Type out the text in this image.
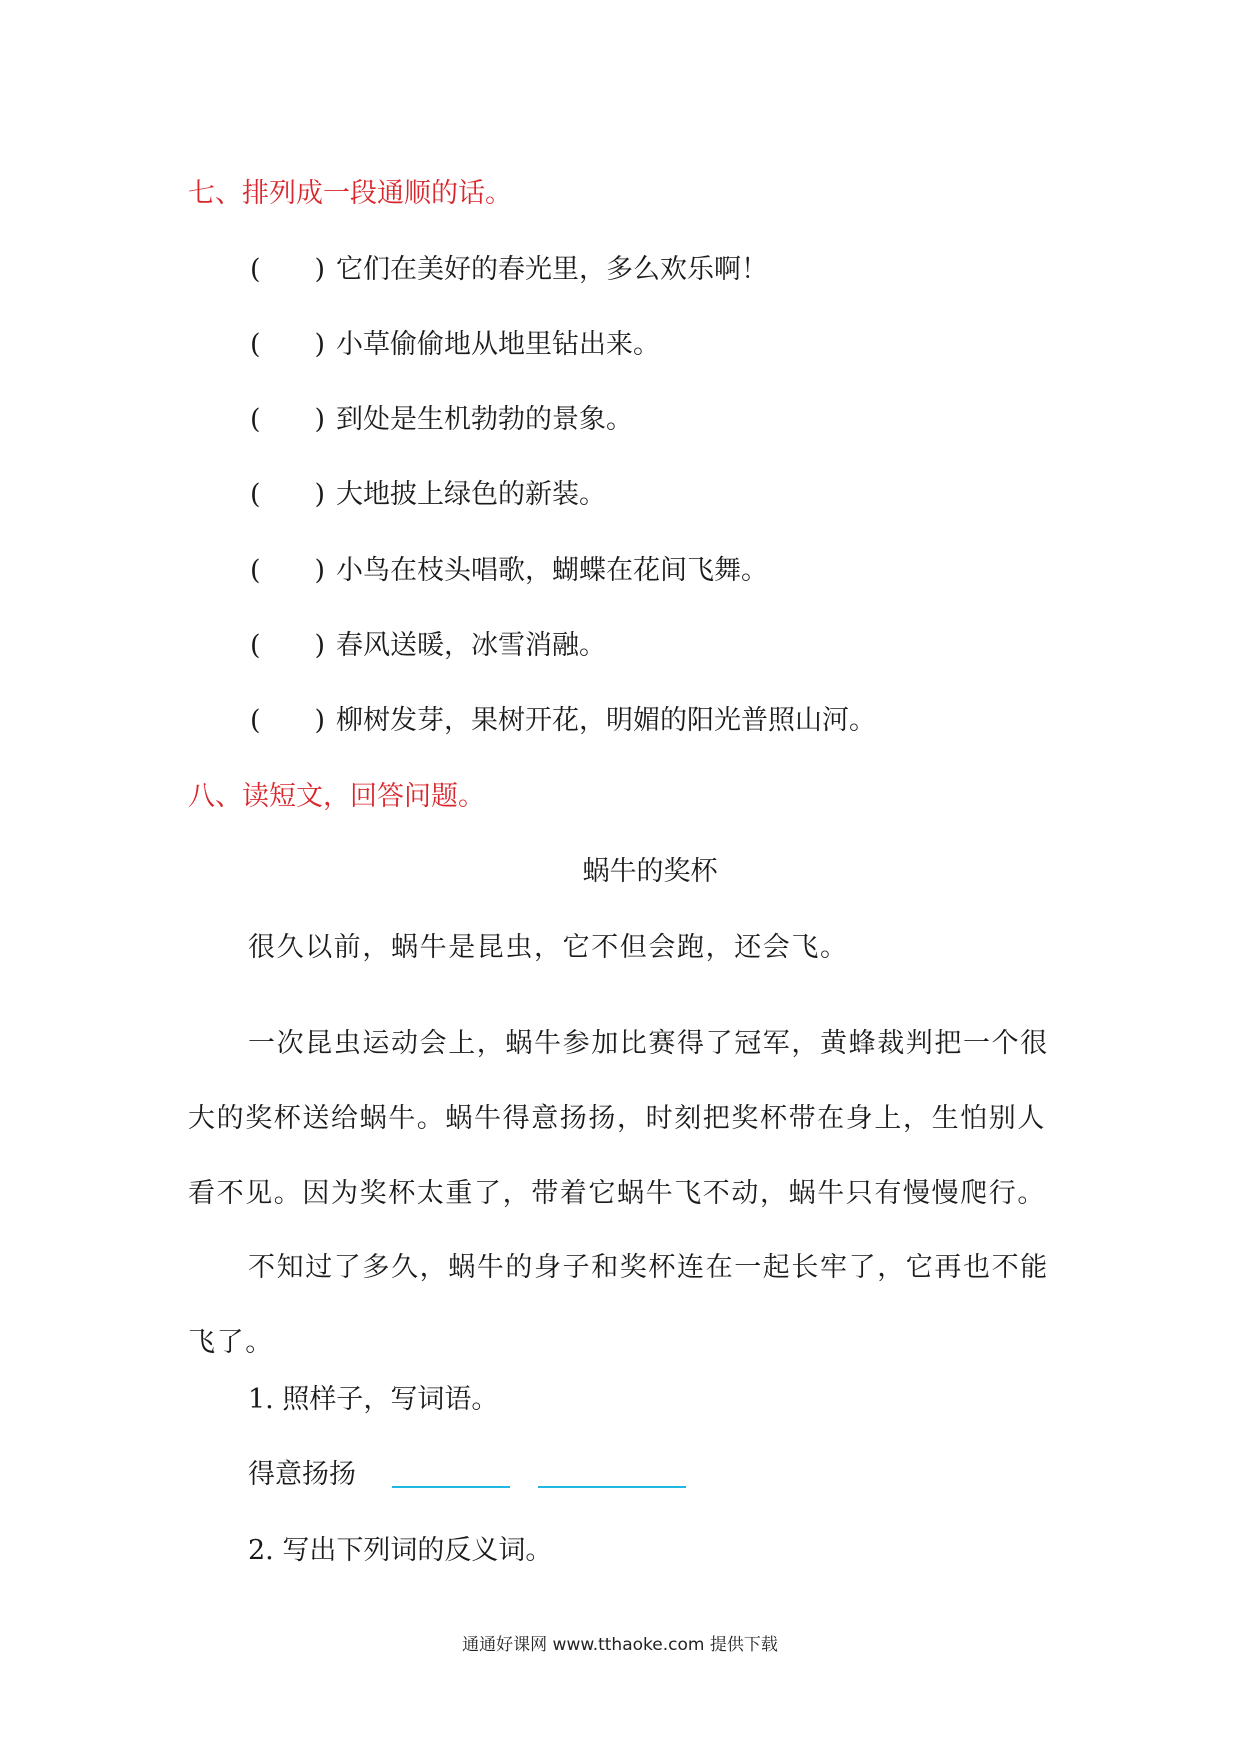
七、排列成一段通顺的话。
(　　) 它们在美好的春光里，多么欢乐啊！
(　　) 小草偷偷地从地里钻出来。
(　　) 到处是生机勃勃的景象。
(　　) 大地披上绿色的新装。
(　　) 小鸟在枝头唱歌，蝴蝶在花间飞舞。
(　　) 春风送暖，冰雪消融。
(　　) 柳树发芽，果树开花，明媚的阳光普照山河。
八、读短文，回答问题。
蜗牛的奖杯
很久以前，蜗牛是昆虫，它不但会跑，还会飞。
一次昆虫运动会上，蜗牛参加比赛得了冠军，黄蜂裁判把一个很大的奖杯送给蜗牛。蜗牛得意扬扬，时刻把奖杯带在身上，生怕别人看不见。因为奖杯太重了，带着它蜗牛飞不动，蜗牛只有慢慢爬行。
不知过了多久，蜗牛的身子和奖杯连在一起长牢了，它再也不能飞了。
1. 照样子，写词语。
得意扬扬
2. 写出下列词的反义词。
通通好课网 www.tthaoke.com 提供下载
